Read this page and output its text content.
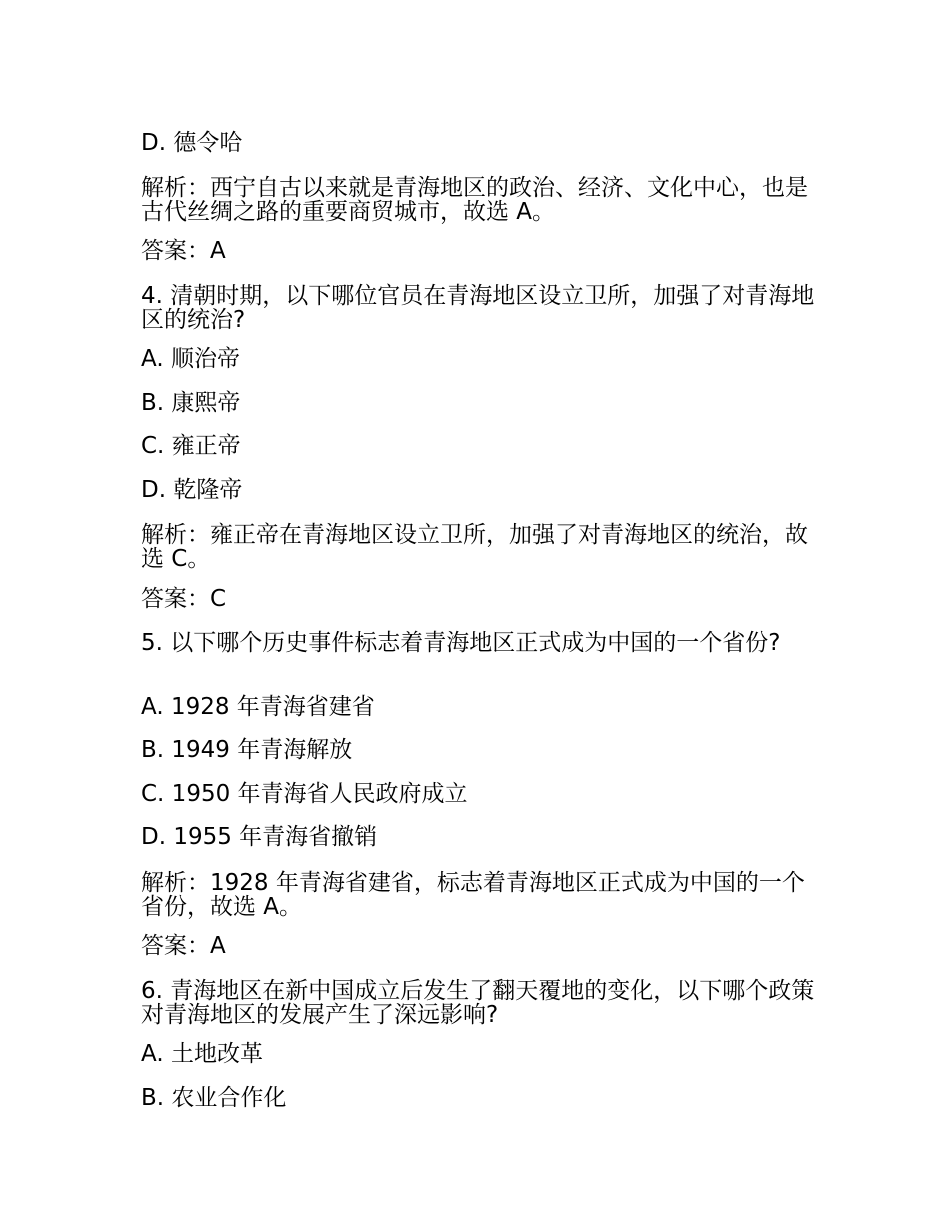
D. 德令哈
解析：西宁自古以来就是青海地区的政治、经济、文化中心，也是古代丝绸之路的重要商贸城市，故选 A。
答案：A
4. 清朝时期，以下哪位官员在青海地区设立卫所，加强了对青海地区的统治?
A. 顺治帝
B. 康熙帝
C. 雍正帝
D. 乾隆帝
解析：雍正帝在青海地区设立卫所，加强了对青海地区的统治，故选 C。
答案：C
5. 以下哪个历史事件标志着青海地区正式成为中国的一个省份?
A. 1928 年青海省建省
B. 1949 年青海解放
C. 1950 年青海省人民政府成立
D. 1955 年青海省撤销
解析：1928 年青海省建省，标志着青海地区正式成为中国的一个省份，故选 A。
答案：A
6. 青海地区在新中国成立后发生了翻天覆地的变化，以下哪个政策对青海地区的发展产生了深远影响?
A. 土地改革
B. 农业合作化
